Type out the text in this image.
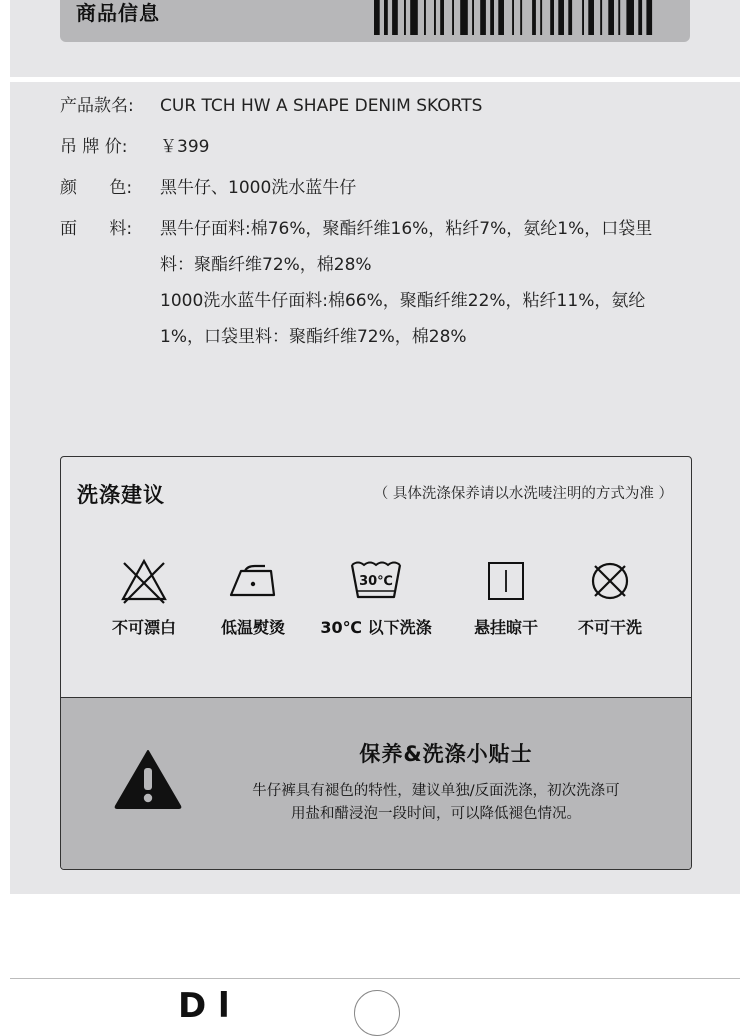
商品信息
产品款名:	CUR TCH HW A SHAPE DENIM SKORTS
吊 牌 价:	￥399
颜      色:	黑牛仔、1000洗水蓝牛仔
面      料:	黑牛仔面料:棉76%，聚酯纤维16%，粘纤7%，氨纶1%，口袋里
料：聚酯纤维72%，棉28%
1000洗水蓝牛仔面料:棉66%，聚酯纤维22%，粘纤11%，氨纶
1%，口袋里料：聚酯纤维72%，棉28%
洗涤建议	（ 具体洗涤保养请以水洗唛注明的方式为准 ）
不可漂白	低温熨烫
30℃
30℃ 以下洗涤	悬挂晾干	不可干洗
保养&洗涤小贴士
牛仔裤具有褪色的特性，建议单独/反面洗涤，初次洗涤可
用盐和醋浸泡一段时间，可以降低褪色情况。
D l
